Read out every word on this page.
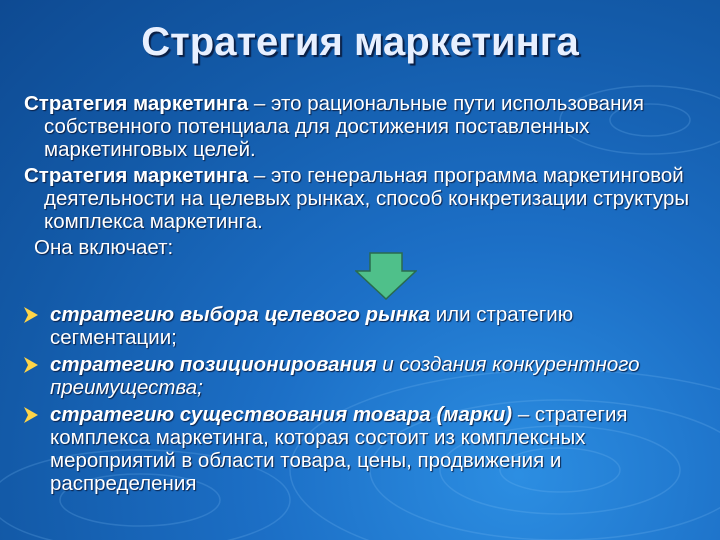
Стратегия маркетинга

Стратегия маркетинга – это рациональные пути использования собственного потенциала для достижения поставленных маркетинговых целей.

Стратегия маркетинга – это генеральная программа маркетинговой деятельности на целевых рынках, способ конкретизации структуры комплекса маркетинга.

Она включает:

стратегию выбора целевого рынка или стратегию сегментации;
стратегию позиционирования и создания конкурентного преимущества;
стратегию существования товара (марки) – стратегия комплекса маркетинга, которая состоит из комплексных мероприятий в области товара, цены, продвижения и распределения
